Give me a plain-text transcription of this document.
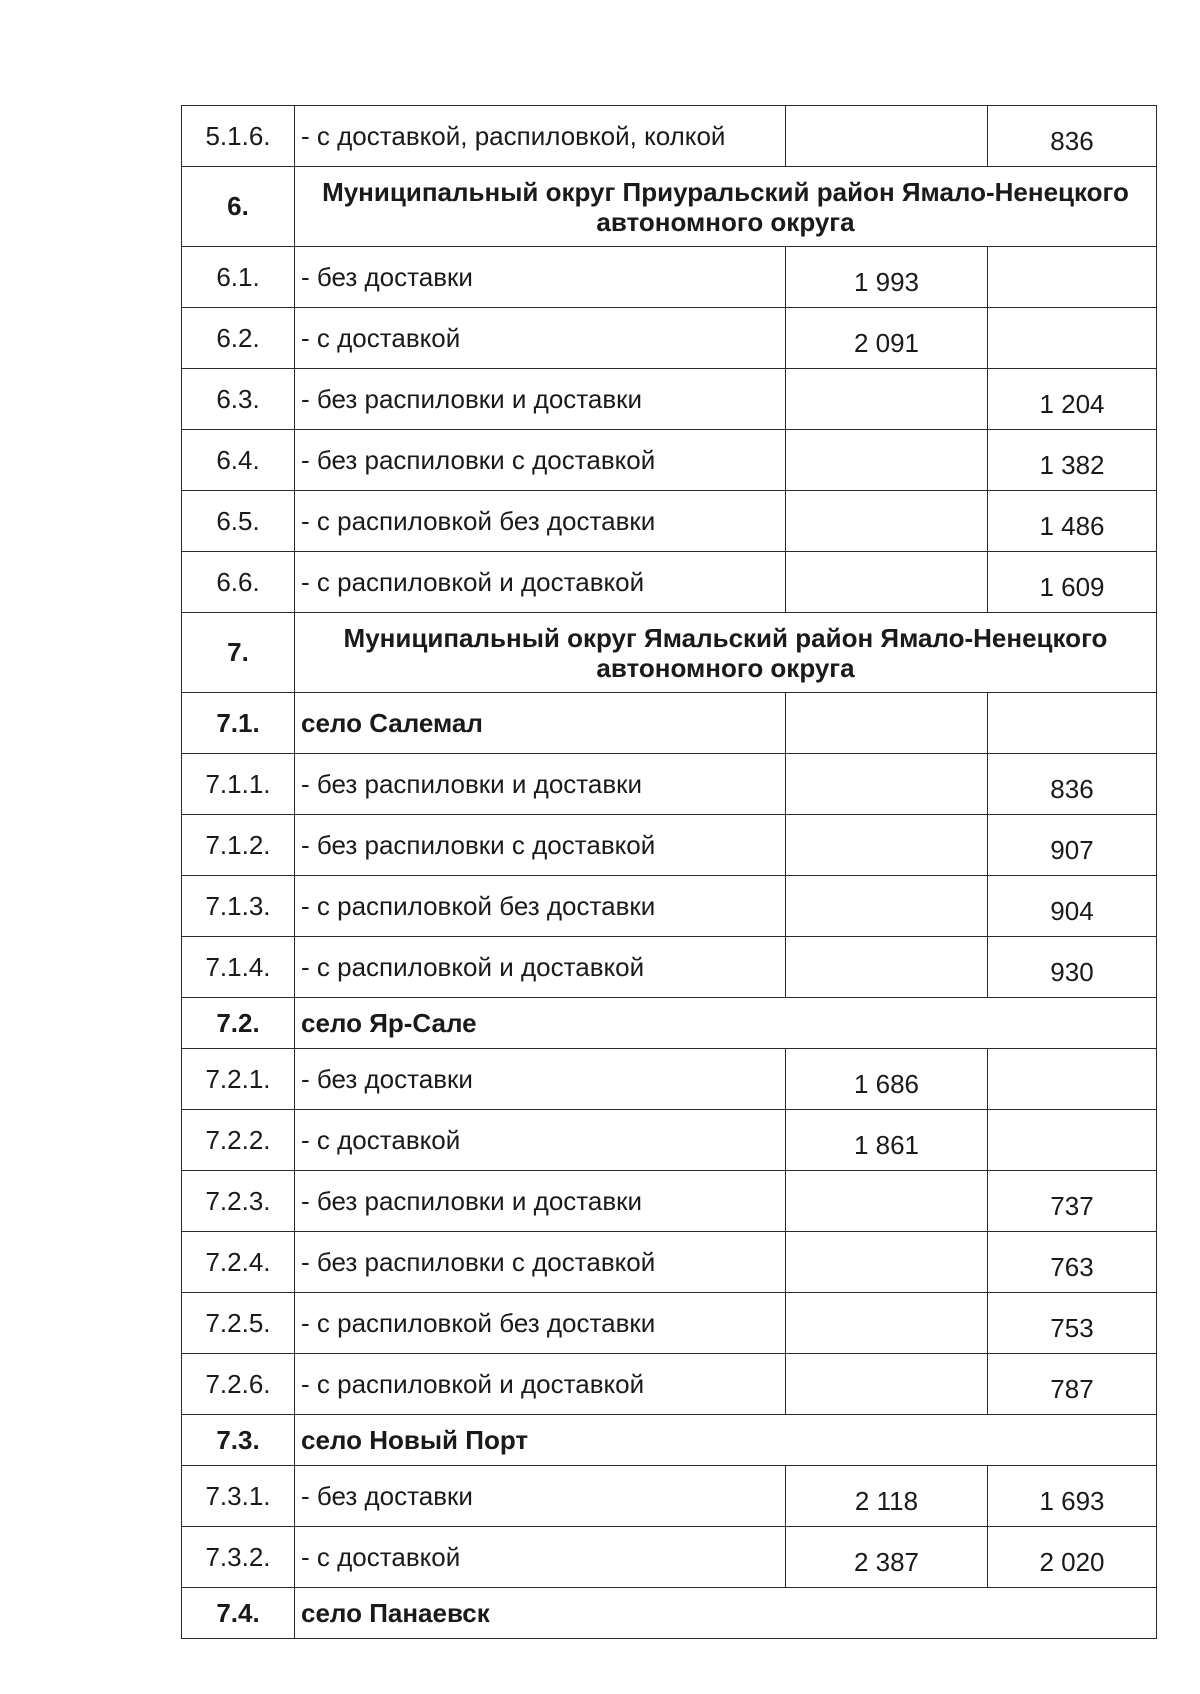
5.1.6.	- с доставкой, распиловкой, колкой		836
6.	Муниципальный округ Приуральский район Ямало-Ненецкого автономного округа		
6.1.	- без доставки	1 993	
6.2.	- с доставкой	2 091	
6.3.	- без распиловки и доставки		1 204
6.4.	- без распиловки с доставкой		1 382
6.5.	- с распиловкой без доставки		1 486
6.6.	- с распиловкой и доставкой		1 609
7.	Муниципальный округ Ямальский район Ямало-Ненецкого автономного округа		
7.1.	село Салемал		
7.1.1.	- без распиловки и доставки		836
7.1.2.	- без распиловки с доставкой		907
7.1.3.	- с распиловкой без доставки		904
7.1.4.	- с распиловкой и доставкой		930
7.2.	село Яр-Сале		
7.2.1.	- без доставки	1 686	
7.2.2.	- с доставкой	1 861	
7.2.3.	- без распиловки и доставки		737
7.2.4.	- без распиловки с доставкой		763
7.2.5.	- с распиловкой без доставки		753
7.2.6.	- с распиловкой и доставкой		787
7.3.	село Новый Порт		
7.3.1.	- без доставки	2 118	1 693
7.3.2.	- с доставкой	2 387	2 020
7.4.	село Панаевск		
